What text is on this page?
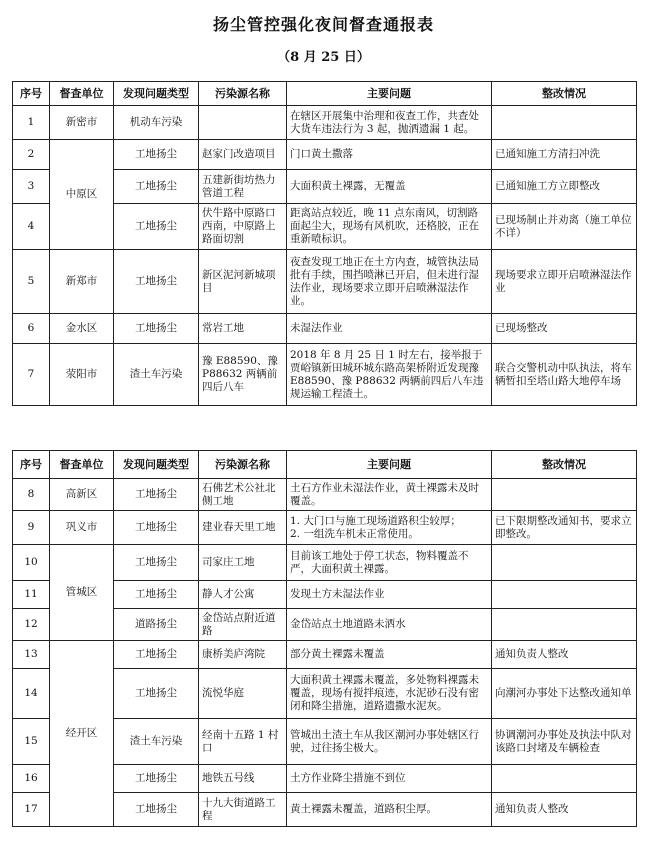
扬尘管控强化夜间督查通报表
（8 月 25 日）
序号	督查单位	发现问题类型	污染源名称	主要问题	整改情况
1	新密市	机动车污染		在辖区开展集中治理和夜查工作，共查处大货车违法行为 3 起，抛洒遗漏 1 起。	
2	中原区	工地扬尘	赵家门改造项目	门口黄土撒落	已通知施工方清扫冲洗
3		工地扬尘	五建新街坊热力管道工程	大面积黄土裸露，无覆盖	已通知施工方立即整改
4		工地扬尘	伏牛路中原路口西南，中原路上路面切割	距离站点较近，晚 11 点东南风，切割路面起尘大，现场有风机吹，还格胶，正在重新喷标识。	已现场制止并劝离（施工单位不详）
5	新郑市	工地扬尘	新区泥河新城项目	夜查发现工地正在土方内查，城管执法局批有手续，围挡喷淋已开启，但未进行湿法作业，现场要求立即开启喷淋湿法作业。	现场要求立即开启喷淋湿法作业
6	金水区	工地扬尘	常岩工地	未湿法作业	已现场整改
7	荥阳市	渣土车污染	豫 E88590、豫 P88632 两辆前四后八车	2018 年 8 月 25 日 1 时左右，接举报于贾峪镇新田城环城东路高架桥附近发现豫 E88590、豫 P88632 两辆前四后八车违规运输工程渣土。	联合交警机动中队执法，将车辆暂扣至塔山路大地停车场
序号	督查单位	发现问题类型	污染源名称	主要问题	整改情况
8	高新区	工地扬尘	石佛艺术公社北侧工地	土石方作业未湿法作业，黄土裸露未及时覆盖。	
9	巩义市	工地扬尘	建业春天里工地	1. 大门口与施工现场道路积尘较厚；
2. 一组洗车机未正常使用。	已下限期整改通知书，要求立即整改。
10	管城区	工地扬尘	司家庄工地	目前该工地处于停工状态，物料覆盖不严，大面积黄土裸露。	
11		工地扬尘	静人才公寓	发现土方未湿法作业	
12		道路扬尘	金岱站点附近道路	金岱站点土地道路未洒水	
13	经开区	工地扬尘	康桥美庐湾院	部分黄土裸露未覆盖	通知负责人整改
14		工地扬尘	流悦华庭	大面积黄土裸露未覆盖，多处物料裸露未覆盖，现场有搅拌痕迹，水泥砂石没有密闭和降尘措施，道路遗撒水泥灰。	向潮河办事处下达整改通知单
15		渣土车污染	经南十五路 1 村口	管城出土渣土车从我区潮河办事处辖区行驶，过往扬尘极大。	协调潮河办事处及执法中队对该路口封堵及车辆检查
16		工地扬尘	地铁五号线	土方作业降尘措施不到位	
17		工地扬尘	十九大街道路工程	黄土裸露未覆盖，道路积尘厚。	通知负责人整改
